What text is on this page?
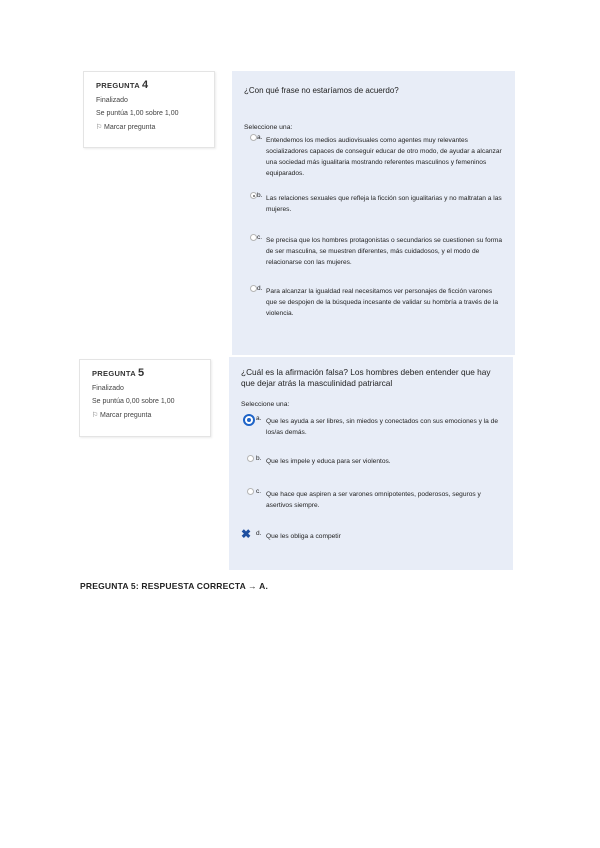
PREGUNTA 4
Finalizado
Se puntúa 1,00 sobre 1,00
⚐ Marcar pregunta
¿Con qué frase no estaríamos de acuerdo?
Seleccione una:
a. Entendemos los medios audiovisuales como agentes muy relevantes socializadores capaces de conseguir educar de otro modo, de ayudar a alcanzar una sociedad más igualitaria mostrando referentes masculinos y femeninos equiparados.
b. Las relaciones sexuales que refleja la ficción son igualitarias y no maltratan a las mujeres.
c. Se precisa que los hombres protagonistas o secundarios se cuestionen su forma de ser masculina, se muestren diferentes, más cuidadosos, y el modo de relacionarse con las mujeres.
d. Para alcanzar la igualdad real necesitamos ver personajes de ficción varones que se despojen de la búsqueda incesante de validar su hombría a través de la violencia.
PREGUNTA 5
Finalizado
Se puntúa 0,00 sobre 1,00
⚐ Marcar pregunta
¿Cuál es la afirmación falsa? Los hombres deben entender que hay que dejar atrás la masculinidad patriarcal
Seleccione una:
a. Que les ayuda a ser libres, sin miedos y conectados con sus emociones y la de los/as demás.
b. Que les impele y educa para ser violentos.
c. Que hace que aspiren a ser varones omnipotentes, poderosos, seguros y asertivos siempre.
✖ d. Que les obliga a competir
PREGUNTA 5: RESPUESTA CORRECTA → A.
